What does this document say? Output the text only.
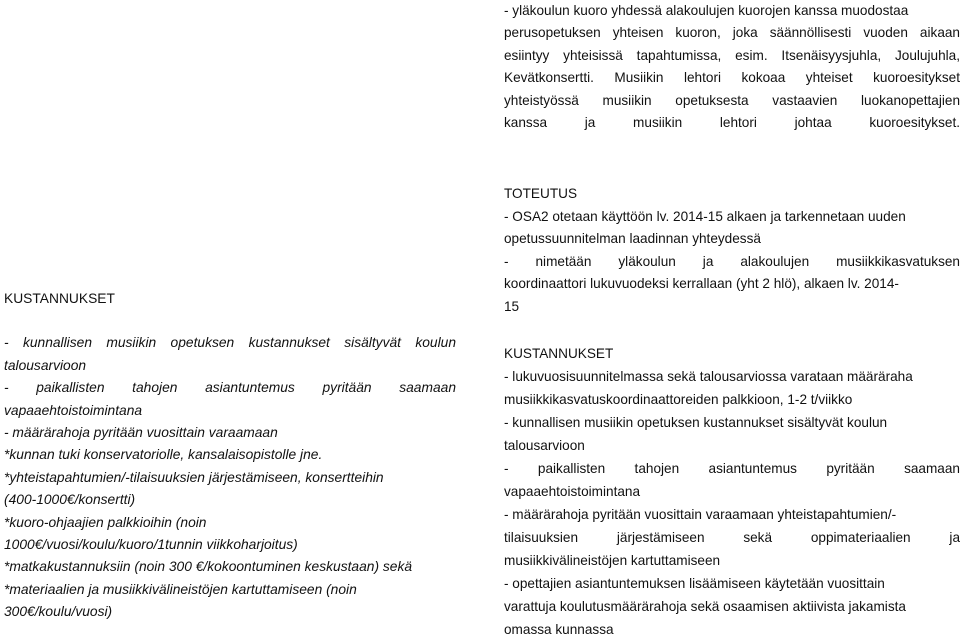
- yläkoulun kuoro yhdessä alakoulujen kuorojen kanssa muodostaa
perusopetuksen yhteisen kuoron, joka säännöllisesti vuoden aikaan
esiintyy yhteisissä tapahtumissa, esim. Itsenäisyysjuhla, Joulujuhla,
Kevätkonsertti. Musiikin lehtori kokoaa yhteiset kuoroesitykset
yhteistyössä musiikin opetuksesta vastaavien luokanopettajien
kanssa ja musiikin lehtori johtaa kuoroesitykset.
TOTEUTUS
- OSA2 otetaan käyttöön lv. 2014-15 alkaen ja tarkennetaan uuden
opetussuunnitelman laadinnan yhteydessä
- nimetään yläkoulun ja alakoulujen musiikkikasvatuksen
koordinaattori lukuvuodeksi kerrallaan (yht 2 hlö), alkaen lv. 2014-
15
KUSTANNUKSET
- kunnallisen musiikin opetuksen kustannukset sisältyvät koulun
talousarvioon
- paikallisten tahojen asiantuntemus pyritään saamaan
vapaaehtoistoimintana
- määrärahoja pyritään vuosittain varaamaan
*kunnan tuki konservatoriolle, kansalaisopistolle jne.
*yhteistapahtumien/-tilaisuuksien järjestämiseen, konsertteihin
(400-1000€/konsertti)
*kuoro-ohjaajien palkkioihin (noin
1000€/vuosi/koulu/kuoro/1tunnin viikkoharjoitus)
*matkakustannuksiin (noin 300 €/kokoontuminen keskustaan) sekä
*materiaalien ja musiikkivälineistöjen kartuttamiseen (noin
300€/koulu/vuosi)
KUSTANNUKSET
- lukuvuosisuunnitelmassa sekä talousarviossa varataan määräraha
musiikkikasvatuskoordinaattoreiden palkkioon, 1-2 t/viikko
- kunnallisen musiikin opetuksen kustannukset sisältyvät koulun
talousarvioon
- paikallisten tahojen asiantuntemus pyritään saamaan
vapaaehtoistoimintana
- määrärahoja pyritään vuosittain varaamaan yhteistapahtumien/-
tilaisuuksien järjestämiseen sekä oppimateriaalien ja
musiikkivälineistöjen kartuttamiseen
- opettajien asiantuntemuksen lisäämiseen käytetään vuosittain
varattuja koulutusmäärärahoja sekä osaamisen aktiivista jakamista
omassa kunnassa
